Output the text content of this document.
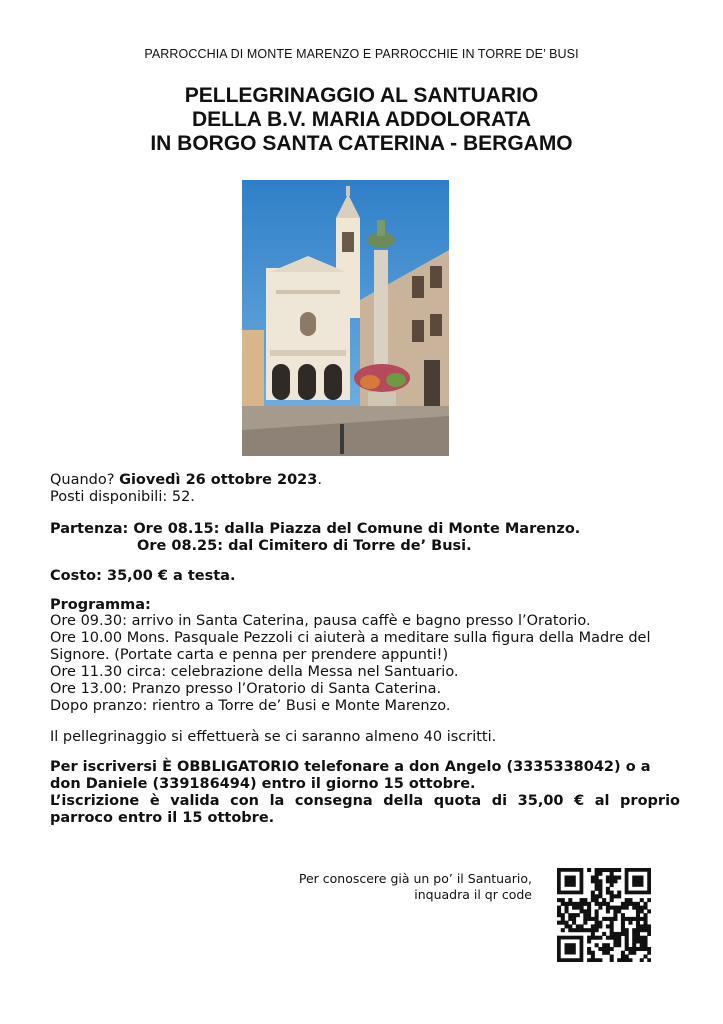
PARROCCHIA DI MONTE MARENZO E PARROCCHIE IN TORRE DE’ BUSI
PELLEGRINAGGIO AL SANTUARIO
DELLA B.V. MARIA ADDOLORATA
IN BORGO SANTA CATERINA - BERGAMO
Quando? Giovedì 26 ottobre 2023.
Posti disponibili: 52.
Partenza: Ore 08.15: dalla Piazza del Comune di Monte Marenzo.
Ore 08.25: dal Cimitero di Torre de’ Busi.
Costo: 35,00 € a testa.
Programma:
Ore 09.30: arrivo in Santa Caterina, pausa caffè e bagno presso l’Oratorio.
Ore 10.00 Mons. Pasquale Pezzoli ci aiuterà a meditare sulla figura della Madre del Signore. (Portate carta e penna per prendere appunti!)
Ore 11.30 circa: celebrazione della Messa nel Santuario.
Ore 13.00: Pranzo presso l’Oratorio di Santa Caterina.
Dopo pranzo: rientro a Torre de’ Busi e Monte Marenzo.
Il pellegrinaggio si effettuerà se ci saranno almeno 40 iscritti.
Per iscriversi È OBBLIGATORIO telefonare a don Angelo (3335338042) o a don Daniele (339186494) entro il giorno 15 ottobre.
L’iscrizione è valida con la consegna della quota di 35,00 € al proprio parroco entro il 15 ottobre.
Per conoscere già un po’ il Santuario,
inquadra il qr code
